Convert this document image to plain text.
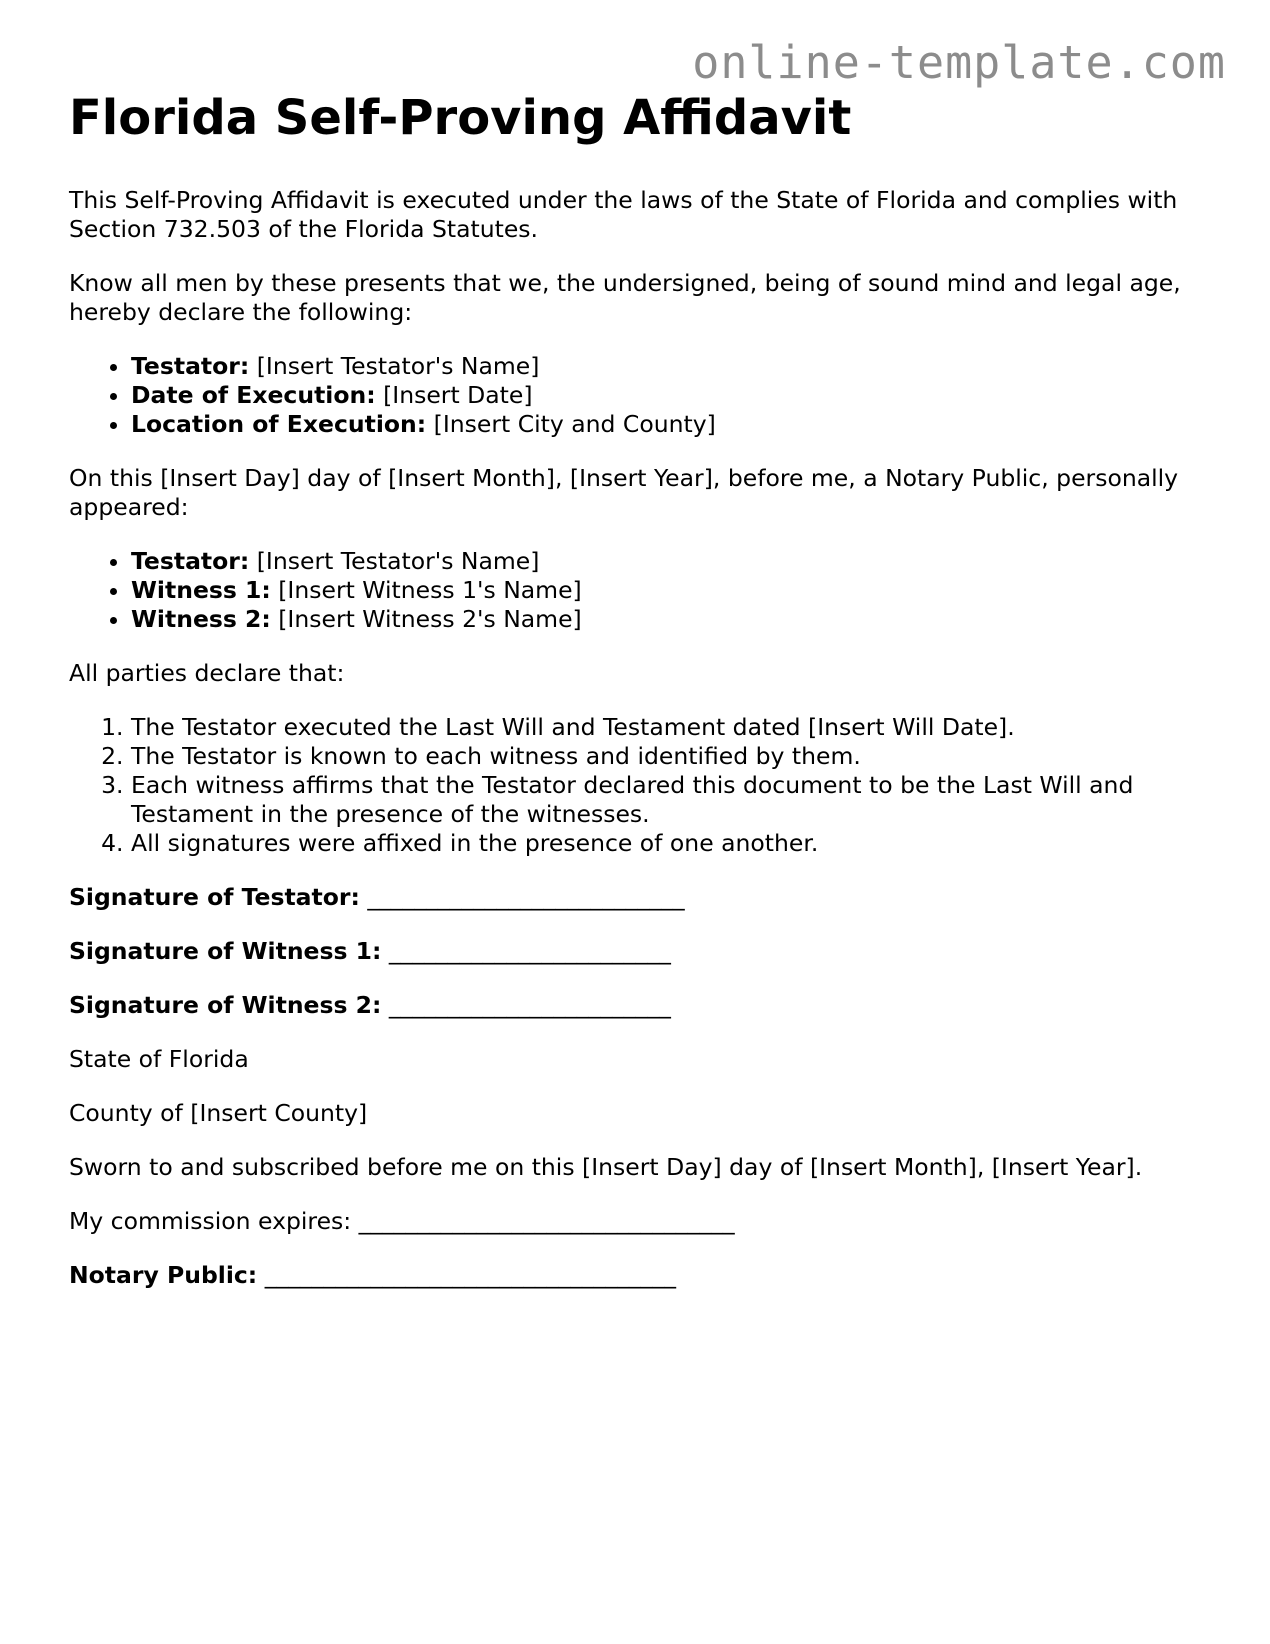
online-template.com
Florida Self-Proving Affidavit

This Self-Proving Affidavit is executed under the laws of the State of Florida and complies with Section 732.503 of the Florida Statutes.

Know all men by these presents that we, the undersigned, being of sound mind and legal age, hereby declare the following:

• Testator: [Insert Testator's Name]
• Date of Execution: [Insert Date]
• Location of Execution: [Insert City and County]

On this [Insert Day] day of [Insert Month], [Insert Year], before me, a Notary Public, personally appeared:

• Testator: [Insert Testator's Name]
• Witness 1: [Insert Witness 1's Name]
• Witness 2: [Insert Witness 2's Name]

All parties declare that:

1. The Testator executed the Last Will and Testament dated [Insert Will Date].
2. The Testator is known to each witness and identified by them.
3. Each witness affirms that the Testator declared this document to be the Last Will and Testament in the presence of the witnesses.
4. All signatures were affixed in the presence of one another.
Signature of Testator: ___________________________
Signature of Witness 1: ________________________
Signature of Witness 2: ________________________

State of Florida

County of [Insert County]

Sworn to and subscribed before me on this [Insert Day] day of [Insert Month], [Insert Year].

My commission expires: ________________________________
Notary Public: ___________________________________
